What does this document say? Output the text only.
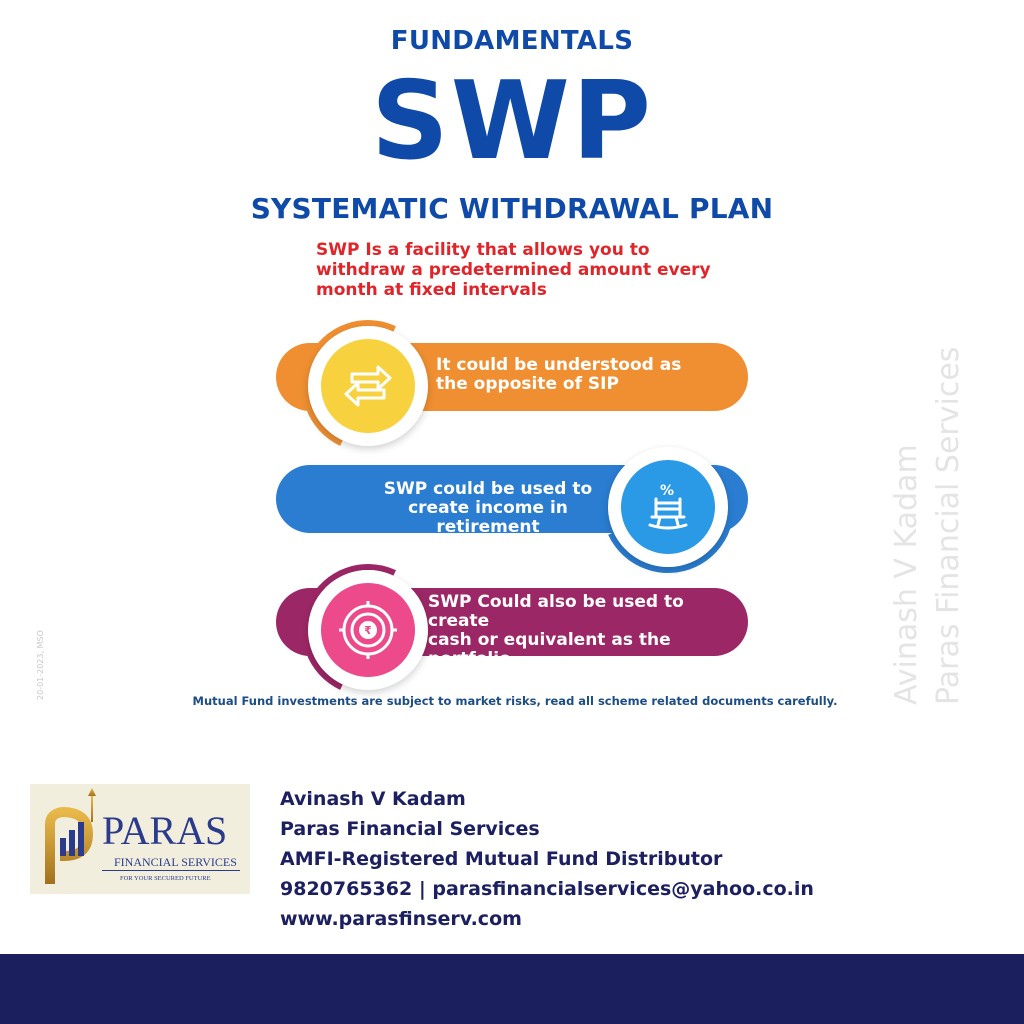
FUNDAMENTALS
SWP
SYSTEMATIC WITHDRAWAL PLAN
SWP Is a facility that allows you to withdraw a predetermined amount every month at fixed intervals
It could be understood as
the opposite of SIP
SWP could be used to
create income in retirement
%
SWP Could also be used to create
cash or equivalent as the portfolio
approaches the financial goal
₹
Mutual Fund investments are subject to market risks, read all scheme related documents carefully.
20-01-2023, MSO	Avinash V Kadam Paras Financial Services
PARAS
FINANCIAL SERVICES
FOR YOUR SECURED FUTURE
Avinash V Kadam
Paras Financial Services
AMFI-Registered Mutual Fund Distributor
9820765362 | parasfinancialservices@yahoo.co.in
www.parasfinserv.com
